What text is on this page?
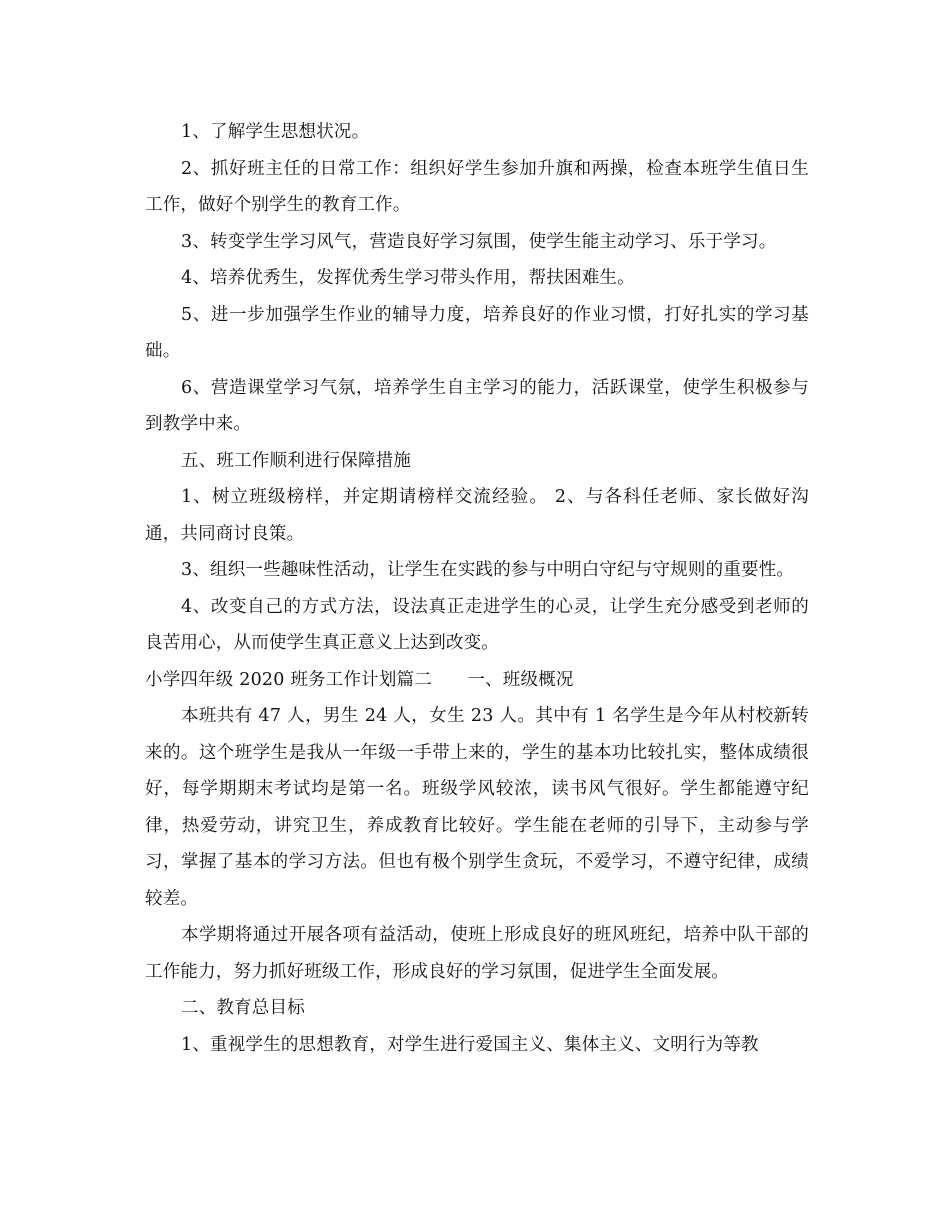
1、了解学生思想状况。

2、抓好班主任的日常工作：组织好学生参加升旗和两操，检查本班学生值日生工作，做好个别学生的教育工作。

3、转变学生学习风气，营造良好学习氛围，使学生能主动学习、乐于学习。

4、培养优秀生，发挥优秀生学习带头作用，帮扶困难生。

5、进一步加强学生作业的辅导力度，培养良好的作业习惯，打好扎实的学习基础。

6、营造课堂学习气氛，培养学生自主学习的能力，活跃课堂，使学生积极参与到教学中来。

五、班工作顺利进行保障措施

1、树立班级榜样，并定期请榜样交流经验。 2、与各科任老师、家长做好沟通，共同商讨良策。

3、组织一些趣味性活动，让学生在实践的参与中明白守纪与守规则的重要性。

4、改变自己的方式方法，设法真正走进学生的心灵，让学生充分感受到老师的良苦用心，从而使学生真正意义上达到改变。

小学四年级 2020 班务工作计划篇二　　一、班级概况

本班共有 47 人，男生 24 人，女生 23 人。其中有 1 名学生是今年从村校新转来的。这个班学生是我从一年级一手带上来的，学生的基本功比较扎实，整体成绩很好，每学期期末考试均是第一名。班级学风较浓，读书风气很好。学生都能遵守纪律，热爱劳动，讲究卫生，养成教育比较好。学生能在老师的引导下，主动参与学习，掌握了基本的学习方法。但也有极个别学生贪玩，不爱学习，不遵守纪律，成绩较差。

本学期将通过开展各项有益活动，使班上形成良好的班风班纪，培养中队干部的工作能力，努力抓好班级工作，形成良好的学习氛围，促进学生全面发展。

二、教育总目标

1、重视学生的思想教育，对学生进行爱国主义、集体主义、文明行为等教
